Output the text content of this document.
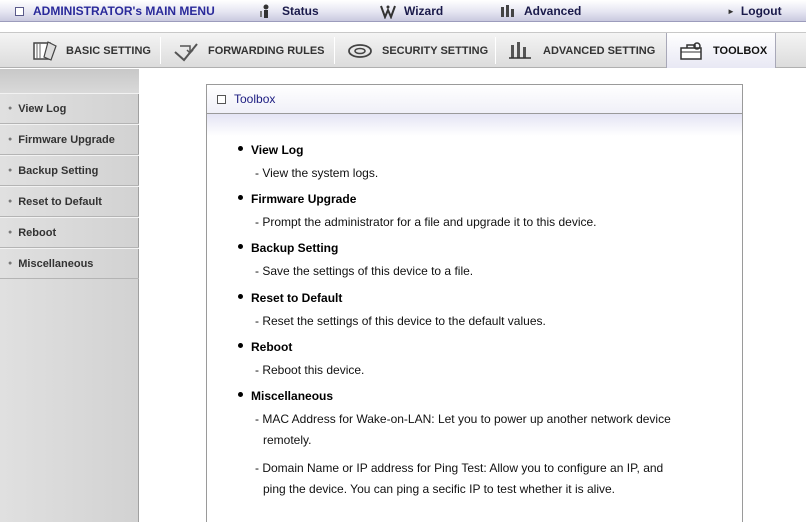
ADMINISTRATOR's MAIN MENU	Status	Wizard	Advanced	► Logout
BASIC SETTING	FORWARDING RULES	SECURITY SETTING	ADVANCED SETTING	TOOLBOX
● View Log
● Firmware Upgrade
● Backup Setting
● Reset to Default
● Reboot
● Miscellaneous
Toolbox
View Log
- View the system logs.
Firmware Upgrade
- Prompt the administrator for a file and upgrade it to this device.
Backup Setting
- Save the settings of this device to a file.
Reset to Default
- Reset the settings of this device to the default values.
Reboot
- Reboot this device.
Miscellaneous
- MAC Address for Wake-on-LAN: Let you to power up another network device
remotely.
- Domain Name or IP address for Ping Test: Allow you to configure an IP, and
ping the device. You can ping a secific IP to test whether it is alive.
